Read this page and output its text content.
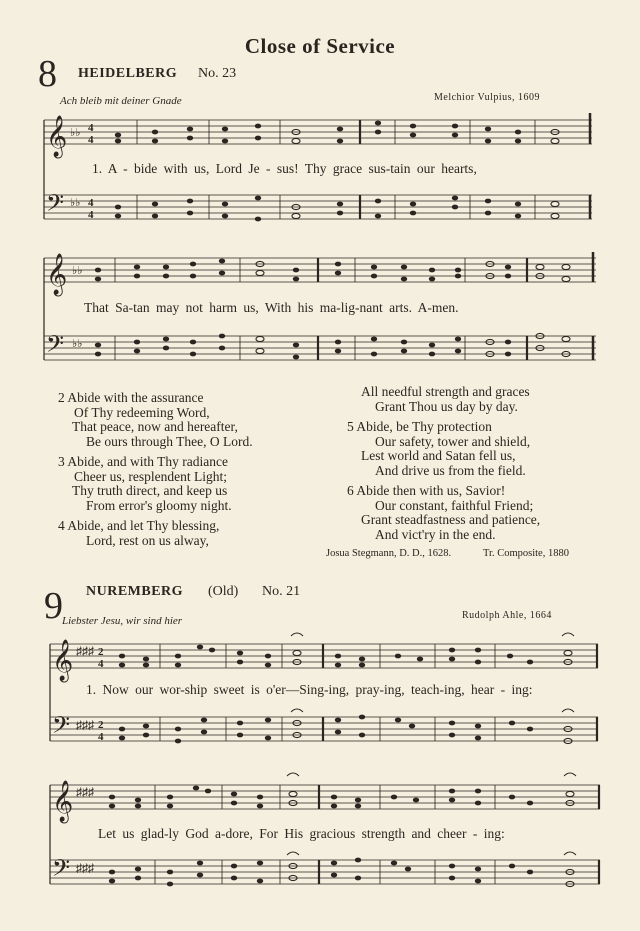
Close of Service
8 HEIDELBERG No. 23
Ach bleib mit deiner Gnade	Melchior Vulpius, 1609
𝄞
𝄢
♭♭
♭♭
4
4
4
4
1. A - bide with us, Lord Je - sus! Thy grace sus-tain our hearts,
𝄞
𝄢
♭♭
♭♭
That Sa-tan may not harm us, With his ma-lig-nant arts. A-men.
2 Abide with the assurance
Of Thy redeeming Word,
That peace, now and hereafter,
Be ours through Thee, O Lord.
3 Abide, and with Thy radiance
Cheer us, resplendent Light;
Thy truth direct, and keep us
From error's gloomy night.
4 Abide, and let Thy blessing,
Lord, rest on us alway,
All needful strength and graces
Grant Thou us day by day.
5 Abide, be Thy protection
Our safety, tower and shield,
Lest world and Satan fell us,
And drive us from the field.
6 Abide then with us, Savior!
Our constant, faithful Friend;
Grant steadfastness and patience,
And vict'ry in the end.
Josua Stegmann, D. D., 1628.	Tr. Composite, 1880
9 NUREMBERG (Old) No. 21
Liebster Jesu, wir sind hier	Rudolph Ahle, 1664
𝄞
𝄢
♯♯♯
♯♯♯
2
4
2
4
1. Now our wor-ship sweet is o'er—Sing-ing, pray-ing, teach-ing, hear - ing:
𝄞
𝄢
♯♯♯
♯♯♯
Let us glad-ly God a-dore, For His gracious strength and cheer - ing:
